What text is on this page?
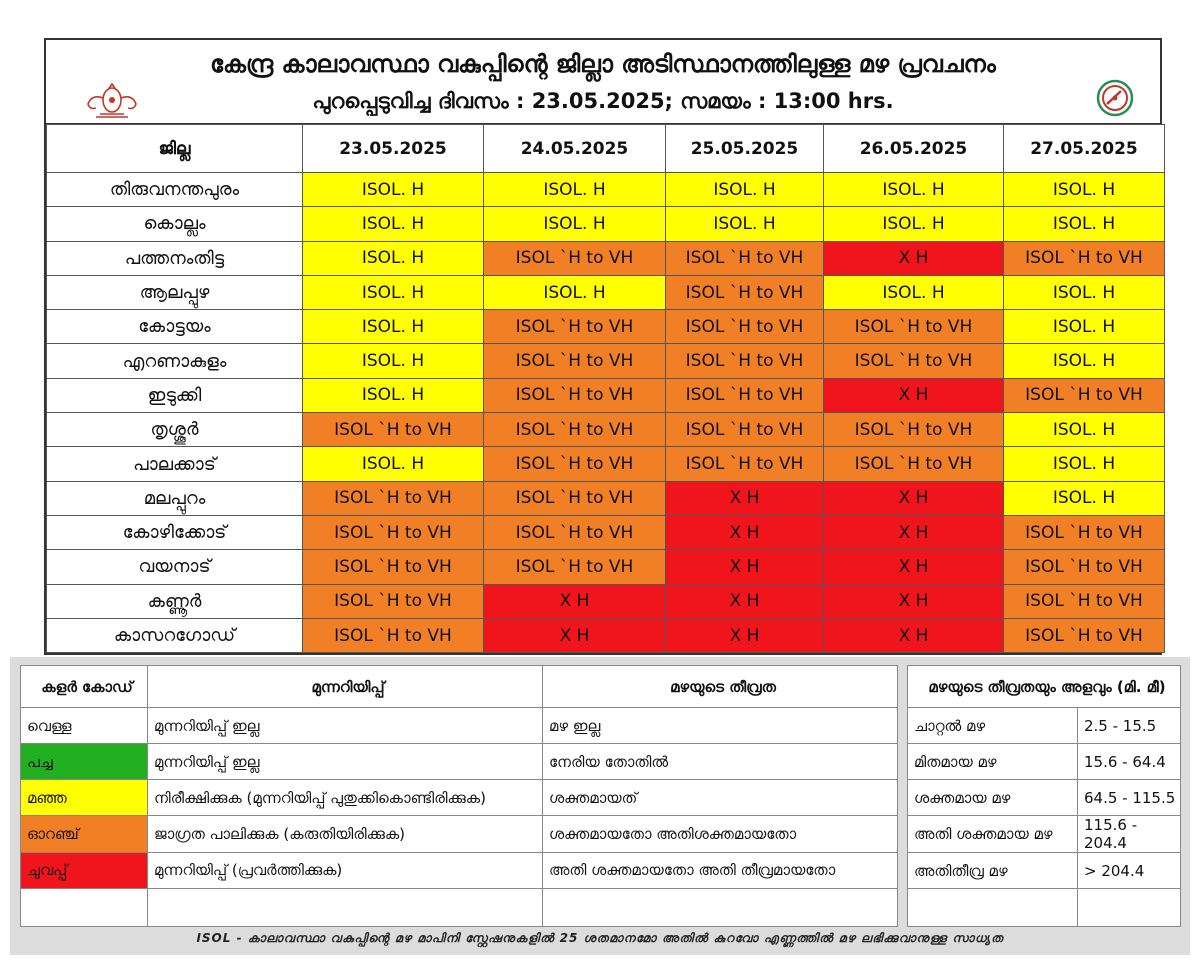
കേന്ദ്ര കാലാവസ്ഥാ വകുപ്പിന്റെ ജില്ലാ അടിസ്ഥാനത്തിലുള്ള മഴ പ്രവചനം
പുറപ്പെടുവിച്ച ദിവസം : 23.05.2025; സമയം : 13:00 hrs.
ജില്ല	23.05.2025	24.05.2025	25.05.2025	26.05.2025	27.05.2025
തിരുവനന്തപുരം	ISOL. H	ISOL. H	ISOL. H	ISOL. H	ISOL. H
കൊല്ലം	ISOL. H	ISOL. H	ISOL. H	ISOL. H	ISOL. H
പത്തനംതിട്ട	ISOL. H	ISOL `H to VH	ISOL `H to VH	X H	ISOL `H to VH
ആലപ്പുഴ	ISOL. H	ISOL. H	ISOL `H to VH	ISOL. H	ISOL. H
കോട്ടയം	ISOL. H	ISOL `H to VH	ISOL `H to VH	ISOL `H to VH	ISOL. H
എറണാകുളം	ISOL. H	ISOL `H to VH	ISOL `H to VH	ISOL `H to VH	ISOL. H
ഇടുക്കി	ISOL. H	ISOL `H to VH	ISOL `H to VH	X H	ISOL `H to VH
തൃശ്ശൂർ	ISOL `H to VH	ISOL `H to VH	ISOL `H to VH	ISOL `H to VH	ISOL. H
പാലക്കാട്	ISOL. H	ISOL `H to VH	ISOL `H to VH	ISOL `H to VH	ISOL. H
മലപ്പുറം	ISOL `H to VH	ISOL `H to VH	X H	X H	ISOL. H
കോഴിക്കോട്	ISOL `H to VH	ISOL `H to VH	X H	X H	ISOL `H to VH
വയനാട്	ISOL `H to VH	ISOL `H to VH	X H	X H	ISOL `H to VH
കണ്ണൂർ	ISOL `H to VH	X H	X H	X H	ISOL `H to VH
കാസറഗോഡ്	ISOL `H to VH	X H	X H	X H	ISOL `H to VH
കളർ കോഡ്	മുന്നറിയിപ്പ്	മഴയുടെ തീവ്രത
വെള്ള	മുന്നറിയിപ്പ് ഇല്ല	മഴ ഇല്ല
പച്ച	മുന്നറിയിപ്പ് ഇല്ല	നേരിയ തോതിൽ
മഞ്ഞ	നിരീക്ഷിക്കുക (മുന്നറിയിപ്പ് പുതുക്കികൊണ്ടിരിക്കുക)	ശക്തമായത്
ഓറഞ്ച്	ജാഗ്രത പാലിക്കുക (കരുതിയിരിക്കുക)	ശക്തമായതോ അതിശക്തമായതോ
ചുവപ്പ്	മുന്നറിയിപ്പ് (പ്രവർത്തിക്കുക)	അതി ശക്തമായതോ അതി തീവ്രമായതോ

മഴയുടെ തീവ്രതയും അളവും (മി. മീ)	
ചാറ്റൽ മഴ	2.5 - 15.5
മിതമായ മഴ	15.6 - 64.4
ശക്തമായ മഴ	64.5 - 115.5
അതി ശക്തമായ മഴ	115.6 - 204.4
അതിതീവ്ര മഴ	> 204.4

ISOL - കാലാവസ്ഥാ വകുപ്പിന്റെ മഴ മാപിനി സ്റ്റേഷനുകളിൽ 25 ശതമാനമോ അതിൽ കുറവോ എണ്ണത്തിൽ മഴ ലഭിക്കുവാനുള്ള സാധ്യത
